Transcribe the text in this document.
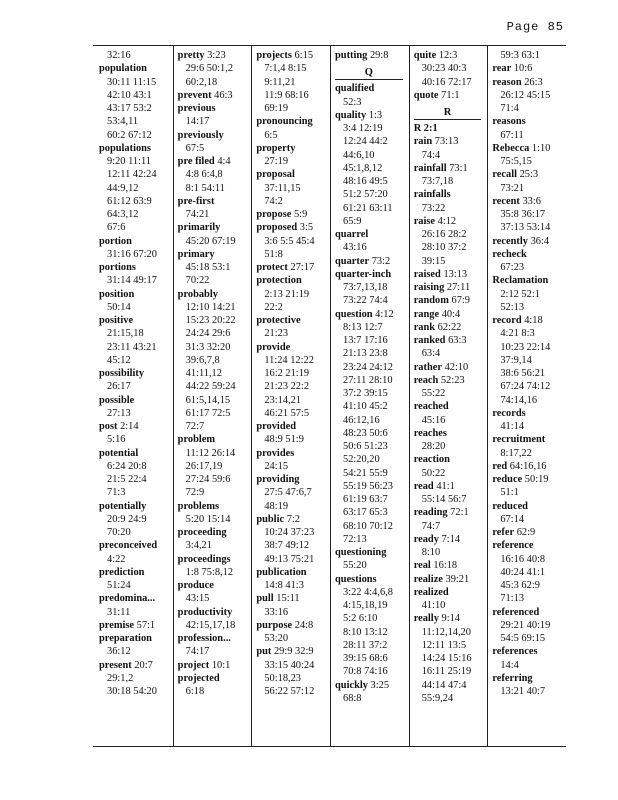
Page 85
32:16
population
30:11 11:15
42:10 43:1
43:17 53:2
53:4,11
60:2 67:12
populations
9:20 11:11
12:11 42:24
44:9,12
61:12 63:9
64:3,12
67:6
portion
31:16 67:20
portions
31:14 49:17
position
50:14
positive
21:15,18
23:11 43:21
45:12
possibility
26:17
possible
27:13
post 2:14
5:16
potential
6:24 20:8
21:5 22:4
71:3
potentially
20:9 24:9
70:20
preconceived
4:22
prediction
51:24
predomina...
31:11
premise 57:1
preparation
36:12
present 20:7
29:1,2
30:18 54:20
pretty 3:23
29:6 50:1,2
60:2,18
prevent 46:3
previous
14:17
previously
67:5
pre filed 4:4
4:8 6:4,8
8:1 54:11
pre-first
74:21
primarily
45:20 67:19
primary
45:18 53:1
70:22
probably
12:10 14:21
15:23 20:22
24:24 29:6
31:3 32:20
39:6,7,8
41:11,12
44:22 59:24
61:5,14,15
61:17 72:5
72:7
problem
11:12 26:14
26:17,19
27:24 59:6
72:9
problems
5:20 15:14
proceeding
3:4,21
proceedings
1:8 75:8,12
produce
43:15
productivity
42:15,17,18
profession...
74:17
project 10:1
projected
6:18
projects 6:15
7:1,4 8:15
9:11,21
11:9 68:16
69:19
pronouncing
6:5
property
27:19
proposal
37:11,15
74:2
propose 5:9
proposed 3:5
3:6 5:5 45:4
51:8
protect 27:17
protection
2:13 21:19
22:2
protective
21:23
provide
11:24 12:22
16:2 21:19
21:23 22:2
23:14,21
46:21 57:5
provided
48:9 51:9
provides
24:15
providing
27:5 47:6,7
48:19
public 7:2
10:24 37:23
38:7 49:12
49:13 75:21
publication
14:8 41:3
pull 15:11
33:16
purpose 24:8
53:20
put 29:9 32:9
33:15 40:24
50:18,23
56:22 57:12
putting 29:8
Q
qualified
52:3
quality 1:3
3:4 12:19
12:24 44:2
44:6,10
45:1,8,12
48:16 49:5
51:2 57:20
61:21 63:11
65:9
quarrel
43:16
quarter 73:2
quarter-inch
73:7,13,18
73:22 74:4
question 4:12
8:13 12:7
13:7 17:16
21:13 23:8
23:24 24:12
27:11 28:10
37:2 39:15
41:10 45:2
46:12,16
48:23 50:6
50:6 51:23
52:20,20
54:21 55:9
55:19 56:23
61:19 63:7
63:17 65:3
68:10 70:12
72:13
questioning
55:20
questions
3:22 4:4,6,8
4:15,18,19
5:2 6:10
8:10 13:12
28:11 37:2
39:15 68:6
70:8 74:16
quickly 3:25
68:8
quite 12:3
30:23 40:3
40:16 72:17
quote 71:1
R
R 2:1
rain 73:13
74:4
rainfall 73:1
73:7,18
rainfalls
73:22
raise 4:12
26:16 28:2
28:10 37:2
39:15
raised 13:13
raising 27:11
random 67:9
range 40:4
rank 62:22
ranked 63:3
63:4
rather 42:10
reach 52:23
55:22
reached
45:16
reaches
28:20
reaction
50:22
read 41:1
55:14 56:7
reading 72:1
74:7
ready 7:14
8:10
real 16:18
realize 39:21
realized
41:10
really 9:14
11:12,14,20
12:11 13:5
14:24 15:16
16:11 25:19
44:14 47:4
55:9,24
59:3 63:1
rear 10:6
reason 26:3
26:12 45:15
71:4
reasons
67:11
Rebecca 1:10
75:5,15
recall 25:3
73:21
recent 33:6
35:8 36:17
37:13 53:14
recently 36:4
recheck
67:23
Reclamation
2:12 52:1
52:13
record 4:18
4:21 8:3
10:23 22:14
37:9,14
38:6 56:21
67:24 74:12
74:14,16
records
41:14
recruitment
8:17,22
red 64:16,16
reduce 50:19
51:1
reduced
67:14
refer 62:9
reference
16:16 40:8
40:24 41:1
45:3 62:9
71:13
referenced
29:21 40:19
54:5 69:15
references
14:4
referring
13:21 40:7
